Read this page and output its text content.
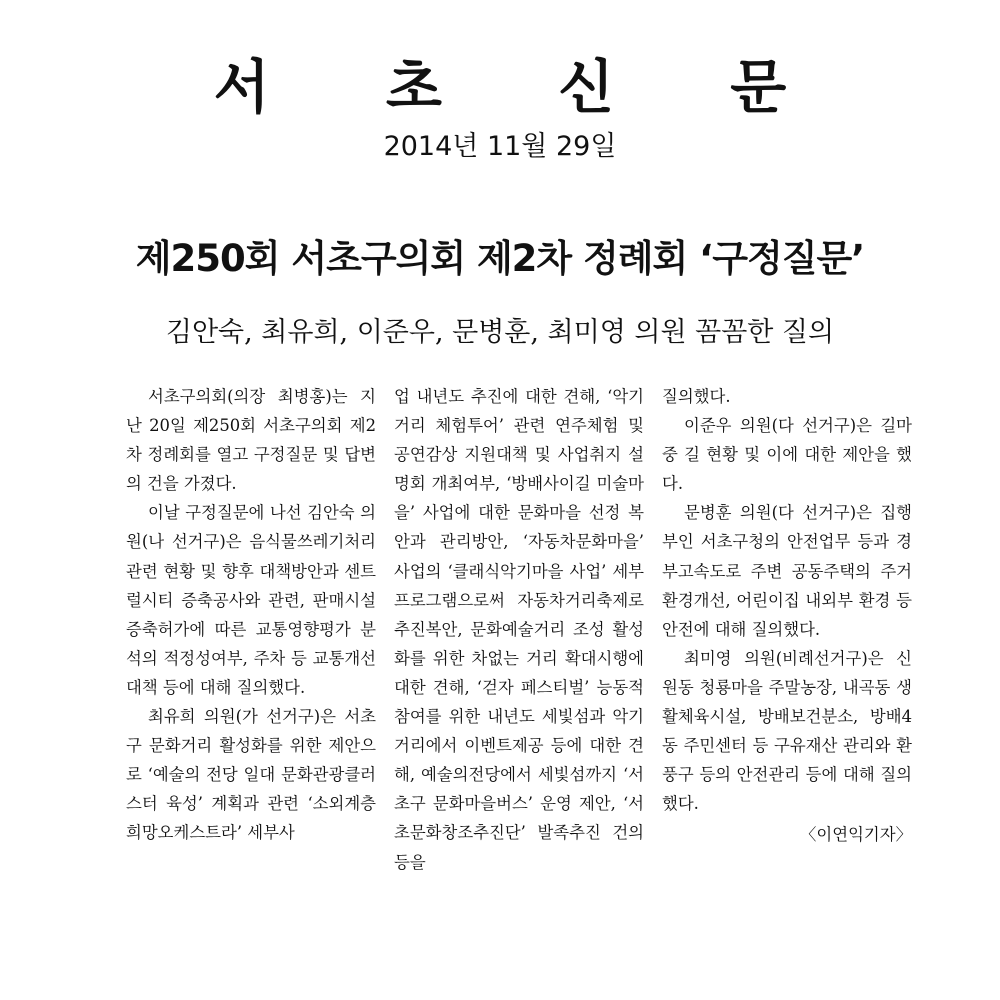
서 초 신 문
2014년 11월 29일
제250회 서초구의회 제2차 정례회 ‘구정질문’
김안숙, 최유희, 이준우, 문병훈, 최미영 의원 꼼꼼한 질의

서초구의회(의장 최병홍)는 지난 20일 제250회 서초구의회 제2차 정례회를 열고 구정질문 및 답변의 건을 가졌다.

이날 구정질문에 나선 김안숙 의원(나 선거구)은 음식물쓰레기처리 관련 현황 및 향후 대책방안과 센트럴시티 증축공사와 관련, 판매시설 증축허가에 따른 교통영향평가 분석의 적정성여부, 주차 등 교통개선 대책 등에 대해 질의했다.

최유희 의원(가 선거구)은 서초구 문화거리 활성화를 위한 제안으로 ‘예술의 전당 일대 문화관광클러스터 육성’ 계획과 관련 ‘소외계층 희망오케스트라’ 세부사

업 내년도 추진에 대한 견해, ‘악기거리 체험투어’ 관련 연주체험 및 공연감상 지원대책 및 사업취지 설명회 개최여부, ‘방배사이길 미술마을’ 사업에 대한 문화마을 선정 복안과 관리방안, ‘자동차문화마을’ 사업의 ‘클래식악기마을 사업’ 세부프로그램으로써 자동차거리축제로 추진복안, 문화예술거리 조성 활성화를 위한 차없는 거리 확대시행에 대한 견해, ‘걷자 페스티벌’ 능동적 참여를 위한 내년도 세빛섬과 악기거리에서 이벤트제공 등에 대한 견해, 예술의전당에서 세빛섬까지 ‘서초구 문화마을버스’ 운영 제안, ‘서초문화창조추진단’ 발족추진 건의 등을

질의했다.

이준우 의원(다 선거구)은 길마중 길 현황 및 이에 대한 제안을 했다.

문병훈 의원(다 선거구)은 집행부인 서초구청의 안전업무 등과 경부고속도로 주변 공동주택의 주거환경개선, 어린이집 내외부 환경 등 안전에 대해 질의했다.

최미영 의원(비례선거구)은 신원동 청룡마을 주말농장, 내곡동 생활체육시설, 방배보건분소, 방배4동 주민센터 등 구유재산 관리와 환풍구 등의 안전관리 등에 대해 질의했다.

〈이연익기자〉
